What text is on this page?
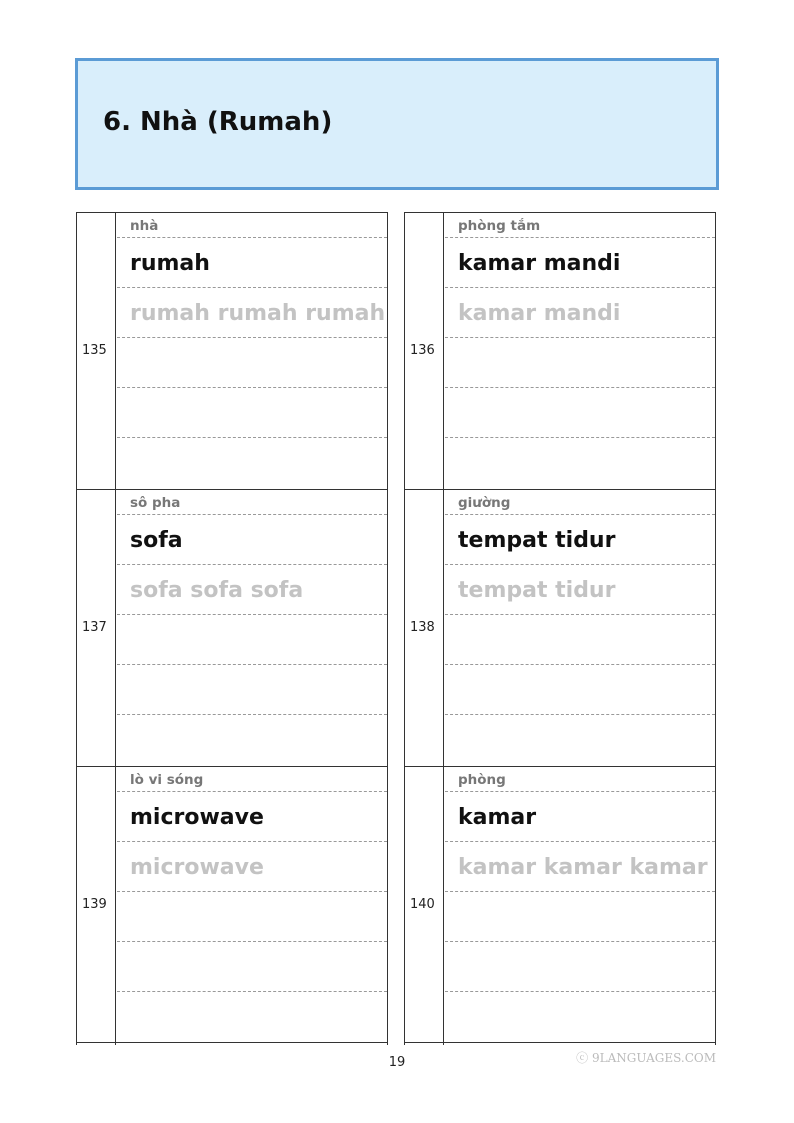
6. Nhà (Rumah)
135
nhà
rumah
rumah rumah rumah
136
phòng tắm
kamar mandi
kamar mandi
137
sô pha
sofa
sofa sofa sofa
138
giường
tempat tidur
tempat tidur
139
lò vi sóng
microwave
microwave
140
phòng
kamar
kamar kamar kamar
19	ⓒ 9LANGUAGES.COM
